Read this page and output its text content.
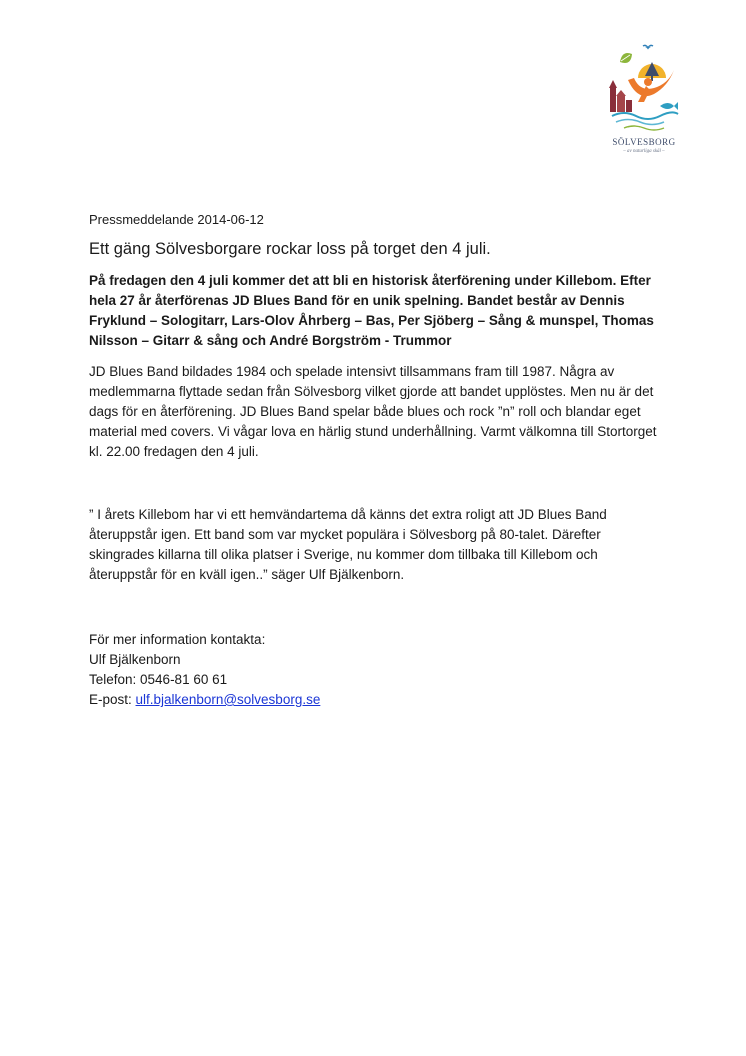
SÖLVESBORG
– av naturliga skäl –

Pressmeddelande 2014-06-12

Ett gäng Sölvesborgare rockar loss på torget den 4 juli.

På fredagen den 4 juli kommer det att bli en historisk återförening under Killebom. Efter hela 27 år återförenas JD Blues Band för en unik spelning. Bandet består av Dennis Fryklund – Sologitarr, Lars-Olov Åhrberg – Bas, Per Sjöberg – Sång & munspel, Thomas Nilsson – Gitarr & sång och André Borgström - Trummor

JD Blues Band bildades 1984 och spelade intensivt tillsammans fram till 1987. Några av medlemmarna flyttade sedan från Sölvesborg vilket gjorde att bandet upplöstes. Men nu är det dags för en återförening. JD Blues Band spelar både blues och rock ”n” roll och blandar eget material med covers. Vi vågar lova en härlig stund underhållning. Varmt välkomna till Stortorget kl. 22.00 fredagen den 4 juli.

” I årets Killebom har vi ett hemvändartema då känns det extra roligt att JD Blues Band återuppstår igen. Ett band som var mycket populära i Sölvesborg på 80-talet. Därefter skingrades killarna till olika platser i Sverige, nu kommer dom tillbaka till Killebom och återuppstår för en kväll igen..” säger Ulf Bjälkenborn.

För mer information kontakta:

Ulf Bjälkenborn

Telefon: 0546-81 60 61

E-post: ulf.bjalkenborn@solvesborg.se
